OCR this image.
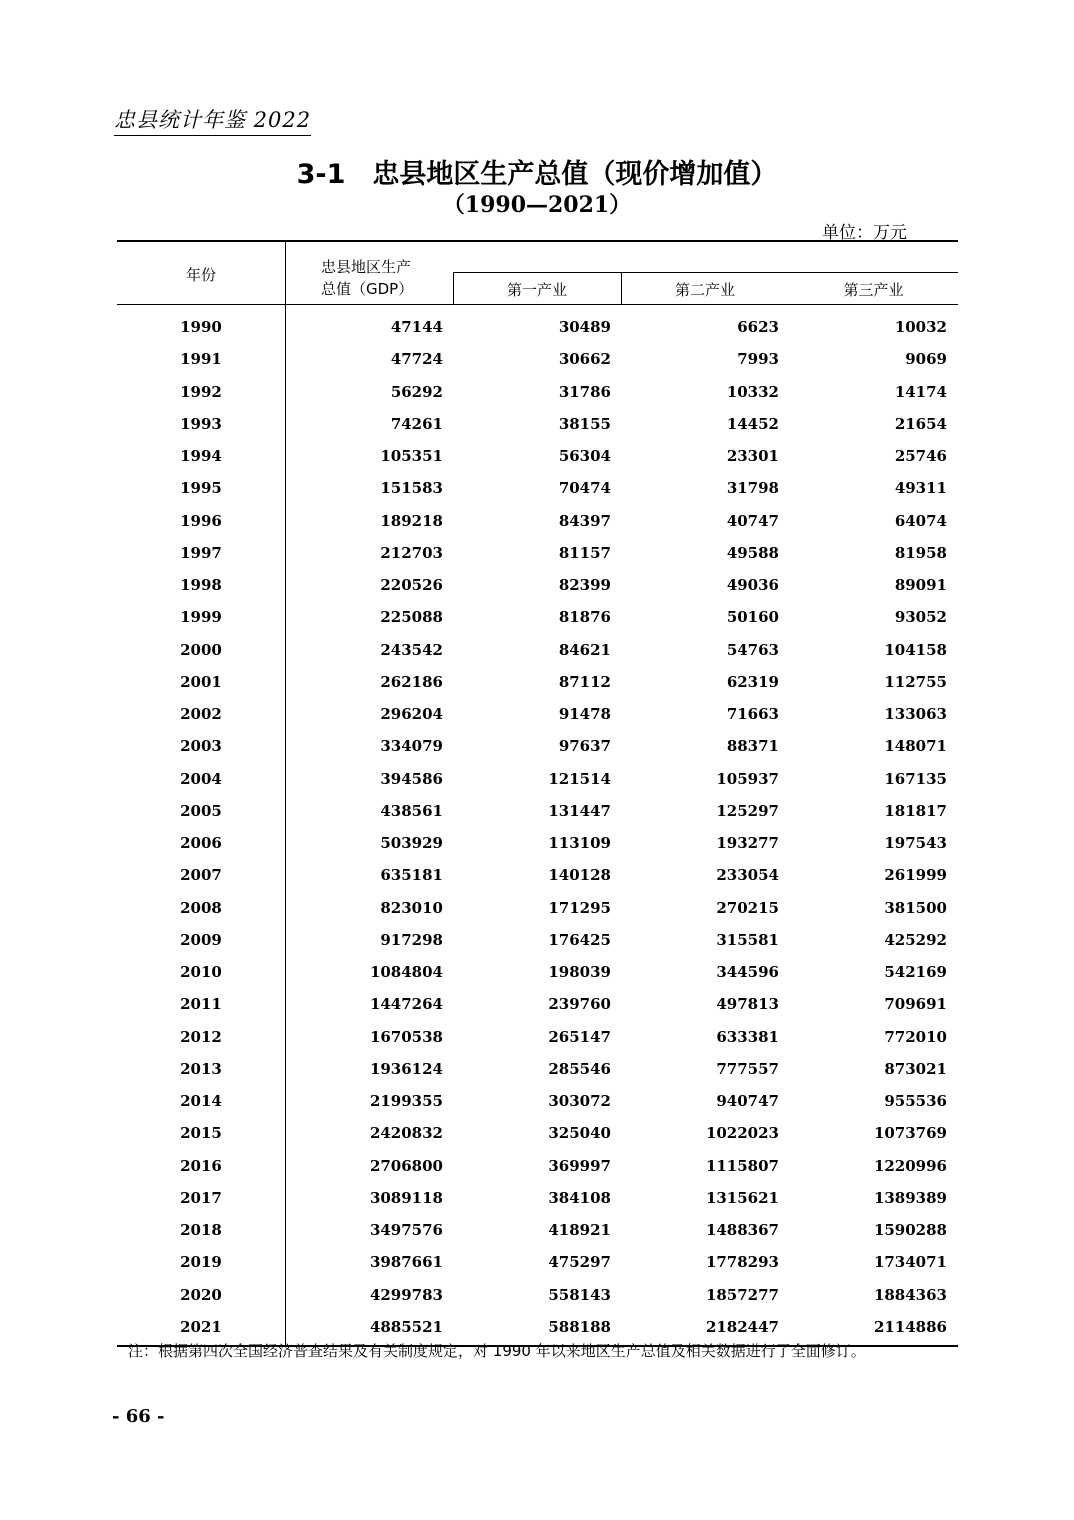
忠县统计年鉴 2022
3-1　忠县地区生产总值（现价增加值）
（1990—2021）
单位：万元
年份	忠县地区生产
总值（GDP）	第一产业	第二产业	第三产业
1990	47144	30489	6623	10032
1991	47724	30662	7993	9069
1992	56292	31786	10332	14174
1993	74261	38155	14452	21654
1994	105351	56304	23301	25746
1995	151583	70474	31798	49311
1996	189218	84397	40747	64074
1997	212703	81157	49588	81958
1998	220526	82399	49036	89091
1999	225088	81876	50160	93052
2000	243542	84621	54763	104158
2001	262186	87112	62319	112755
2002	296204	91478	71663	133063
2003	334079	97637	88371	148071
2004	394586	121514	105937	167135
2005	438561	131447	125297	181817
2006	503929	113109	193277	197543
2007	635181	140128	233054	261999
2008	823010	171295	270215	381500
2009	917298	176425	315581	425292
2010	1084804	198039	344596	542169
2011	1447264	239760	497813	709691
2012	1670538	265147	633381	772010
2013	1936124	285546	777557	873021
2014	2199355	303072	940747	955536
2015	2420832	325040	1022023	1073769
2016	2706800	369997	1115807	1220996
2017	3089118	384108	1315621	1389389
2018	3497576	418921	1488367	1590288
2019	3987661	475297	1778293	1734071
2020	4299783	558143	1857277	1884363
2021	4885521	588188	2182447	2114886
注：根据第四次全国经济普查结果及有关制度规定，对 1990 年以来地区生产总值及相关数据进行了全面修订。
- 66 -
